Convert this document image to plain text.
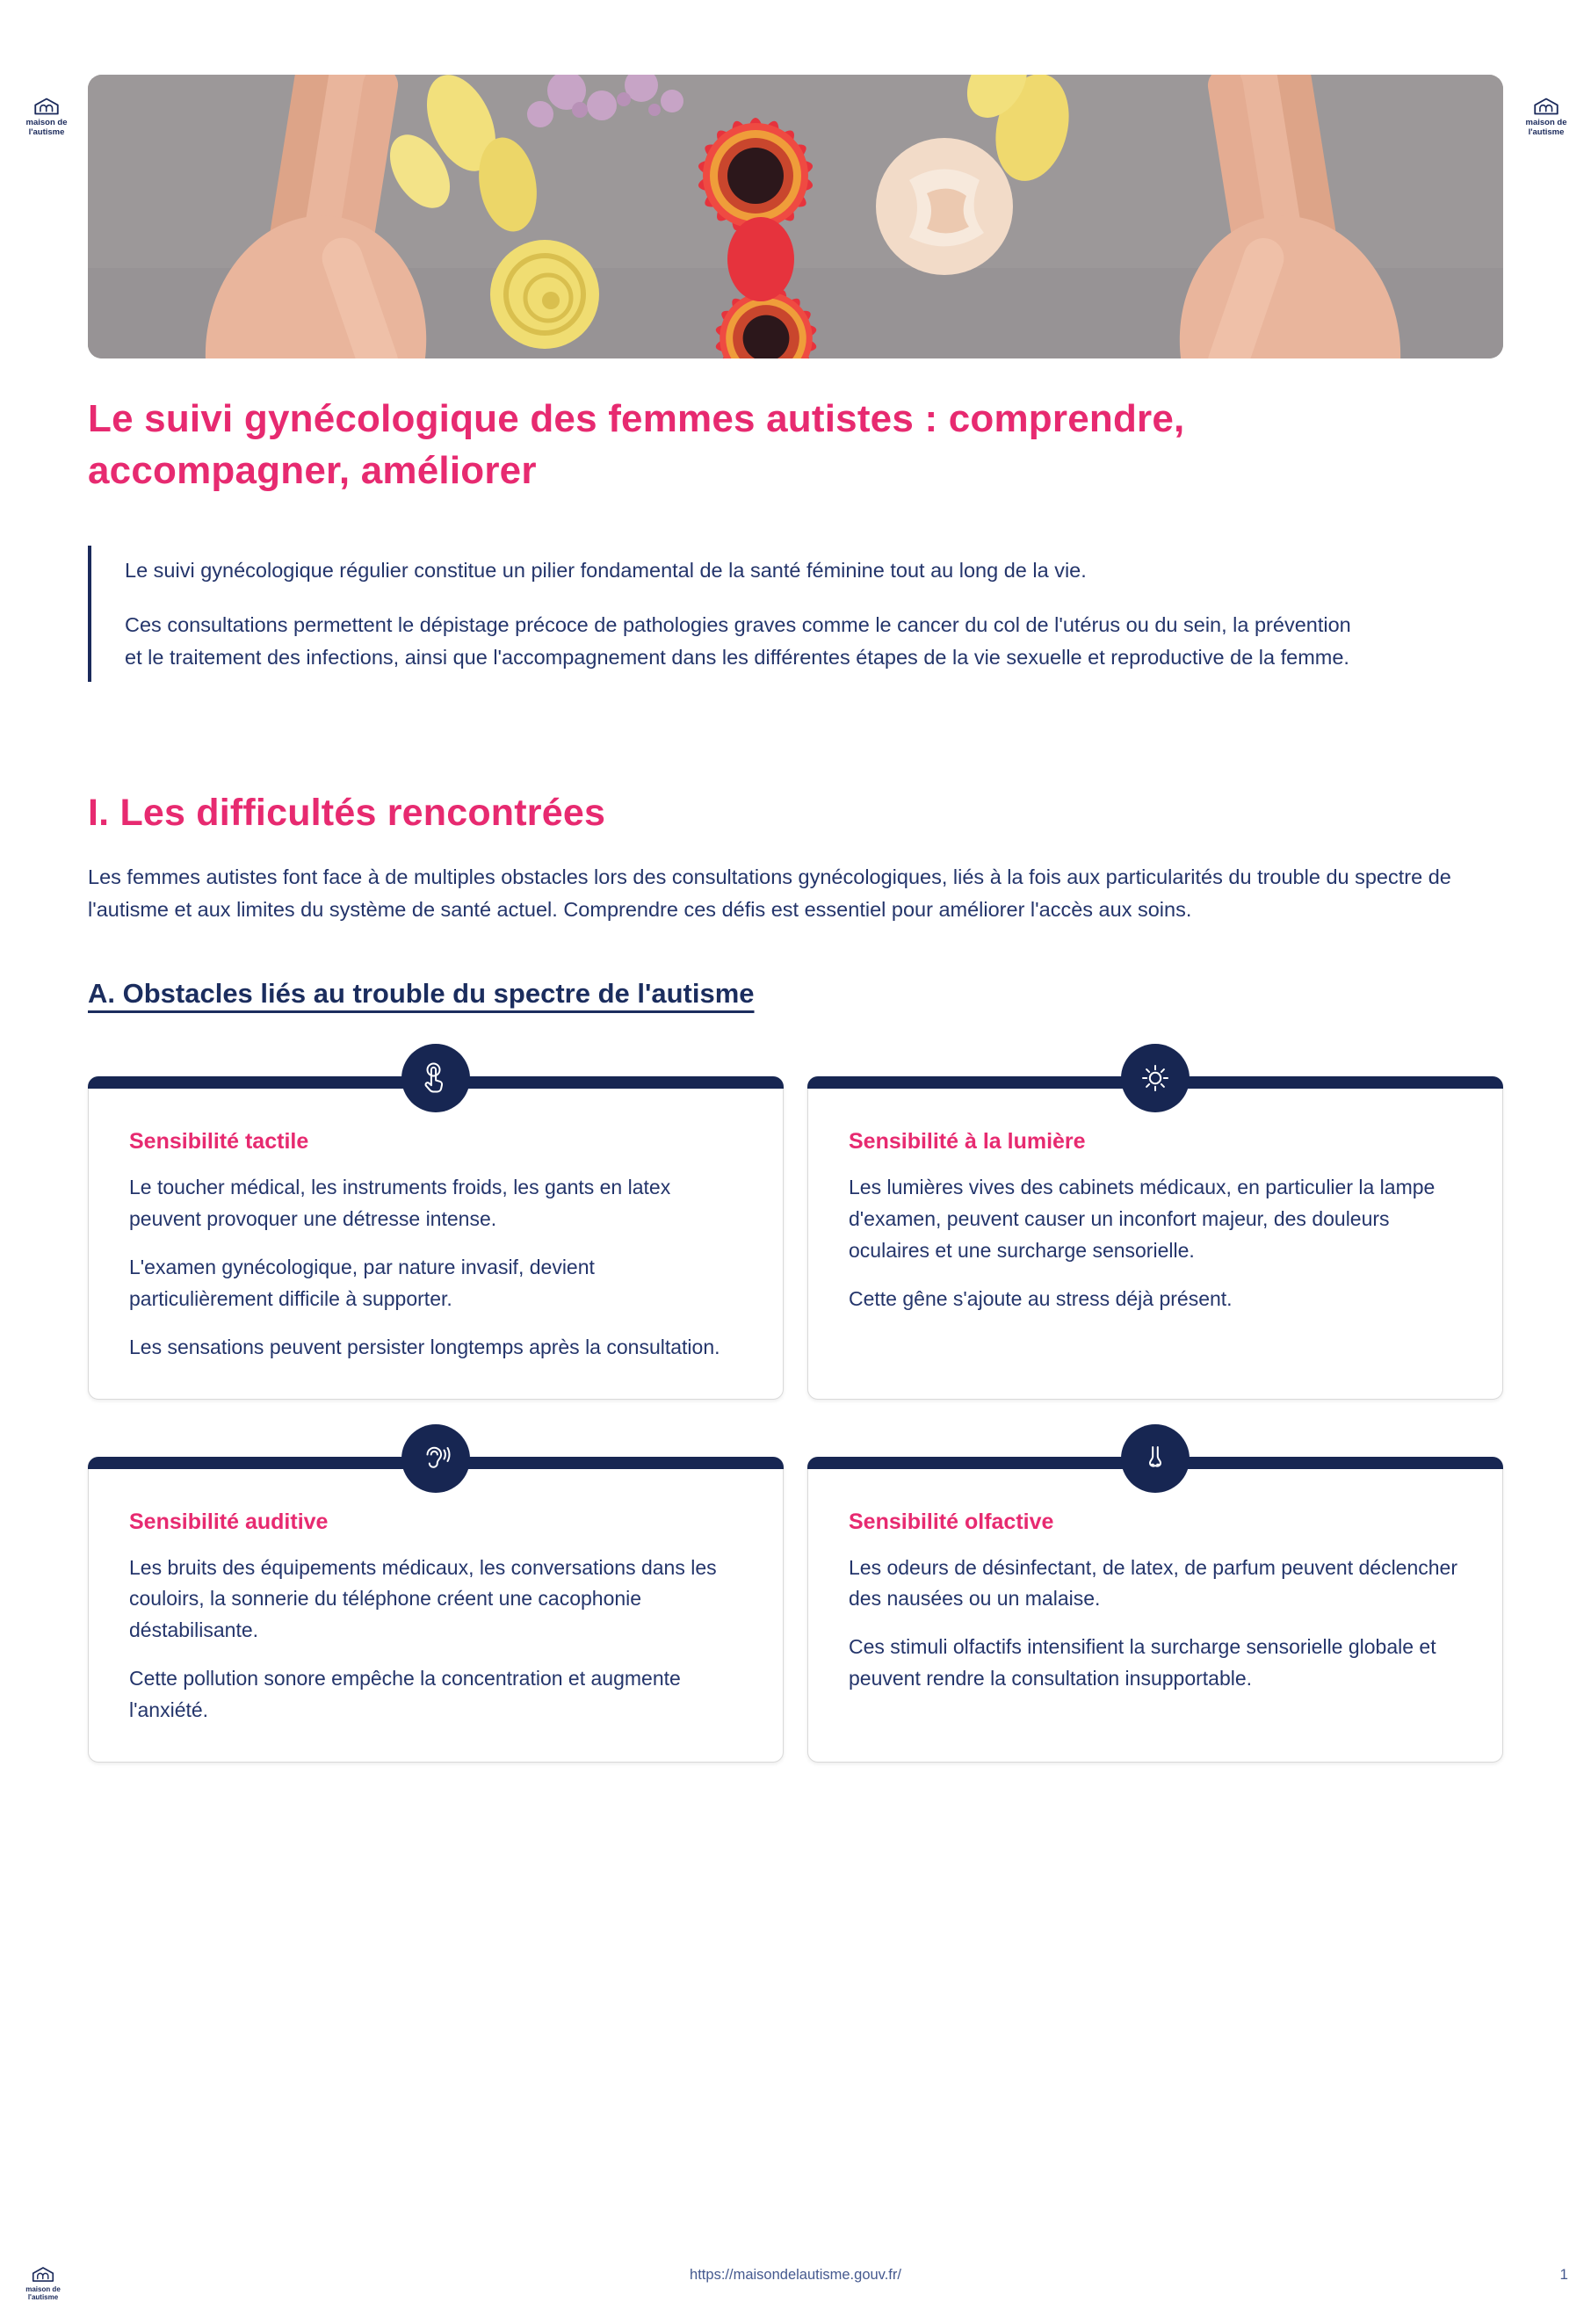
maison de
l'autisme
maison de
l'autisme
Le suivi gynécologique des femmes autistes : comprendre, accompagner, améliorer

Le suivi gynécologique régulier constitue un pilier fondamental de la santé féminine tout au long de la vie.

Ces consultations permettent le dépistage précoce de pathologies graves comme le cancer du col de l'utérus ou du sein, la prévention et le traitement des infections, ainsi que l'accompagnement dans les différentes étapes de la vie sexuelle et reproductive de la femme.

I. Les difficultés rencontrées

Les femmes autistes font face à de multiples obstacles lors des consultations gynécologiques, liés à la fois aux particularités du trouble du spectre de l'autisme et aux limites du système de santé actuel. Comprendre ces défis est essentiel pour améliorer l'accès aux soins.

A. Obstacles liés au trouble du spectre de l'autisme
Sensibilité tactile

Le toucher médical, les instruments froids, les gants en latex peuvent provoquer une détresse intense.

L'examen gynécologique, par nature invasif, devient particulièrement difficile à supporter.

Les sensations peuvent persister longtemps après la consultation.

Sensibilité à la lumière

Les lumières vives des cabinets médicaux, en particulier la lampe d'examen, peuvent causer un inconfort majeur, des douleurs oculaires et une surcharge sensorielle.

Cette gêne s'ajoute au stress déjà présent.

Sensibilité auditive

Les bruits des équipements médicaux, les conversations dans les couloirs, la sonnerie du téléphone créent une cacophonie déstabilisante.

Cette pollution sonore empêche la concentration et augmente l'anxiété.

Sensibilité olfactive

Les odeurs de désinfectant, de latex, de parfum peuvent déclencher des nausées ou un malaise.

Ces stimuli olfactifs intensifient la surcharge sensorielle globale et peuvent rendre la consultation insupportable.

maison de
l'autisme
https://maisondelautisme.gouv.fr/	1
